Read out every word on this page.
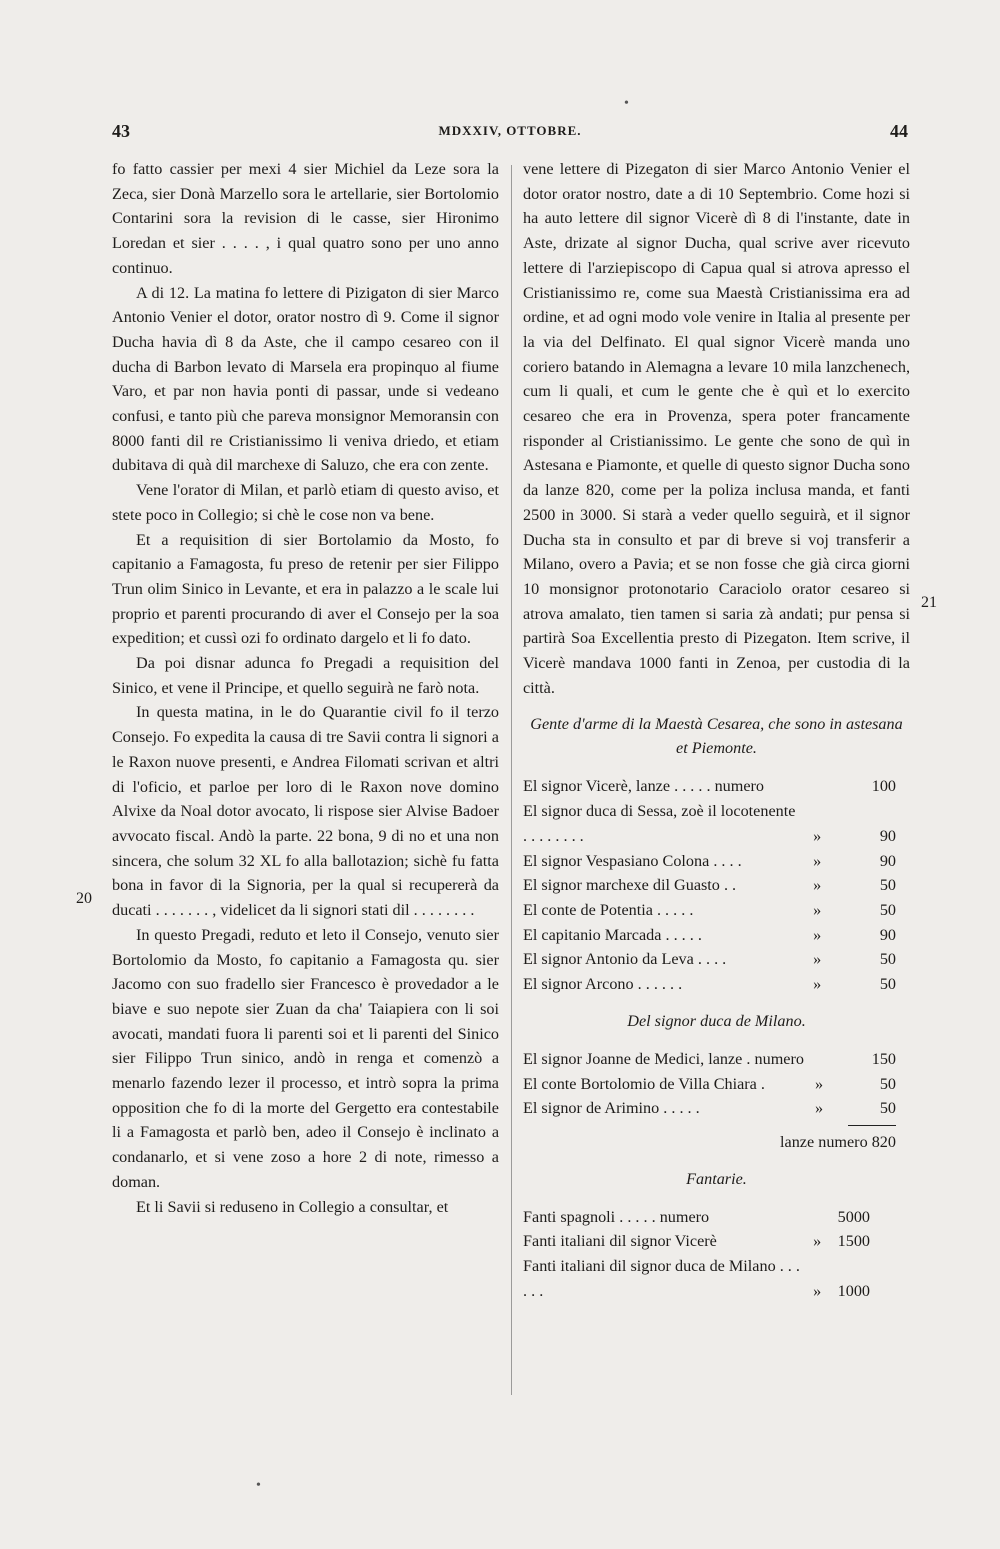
43	MDXXIV, OTTOBRE.	44
20
21

fo fatto cassier per mexi 4 sier Michiel da Leze sora la Zeca, sier Donà Marzello sora le artellarie, sier Bortolomio Contarini sora la revision di le casse, sier Hironimo Loredan et sier . . . . , i qual quatro sono per uno anno continuo.

A di 12. La matina fo lettere di Pizigaton di sier Marco Antonio Venier el dotor, orator nostro dì 9. Come il signor Ducha havia dì 8 da Aste, che il campo cesareo con il ducha di Barbon levato di Marsela era propinquo al fiume Varo, et par non havia ponti di passar, unde si vedeano confusi, e tanto più che pareva monsignor Memoransin con 8000 fanti dil re Cristianissimo li veniva driedo, et etiam dubitava di quà dil marchexe di Saluzo, che era con zente.

Vene l'orator di Milan, et parlò etiam di questo aviso, et stete poco in Collegio; si chè le cose non va bene.

Et a requisition di sier Bortolamio da Mosto, fo capitanio a Famagosta, fu preso de retenir per sier Filippo Trun olim Sinico in Levante, et era in palazzo a le scale lui proprio et parenti procurando di aver el Consejo per la soa expedition; et cussì ozi fo ordinato dargelo et li fo dato.

Da poi disnar adunca fo Pregadi a requisition del Sinico, et vene il Principe, et quello seguirà ne farò nota.

In questa matina, in le do Quarantie civil fo il terzo Consejo. Fo expedita la causa di tre Savii contra li signori a le Raxon nuove presenti, e Andrea Filomati scrivan et altri di l'oficio, et parloe per loro di le Raxon nove domino Alvixe da Noal dotor avocato, li rispose sier Alvise Badoer avvocato fiscal. Andò la parte. 22 bona, 9 di no et una non sincera, che solum 32 XL fo alla ballotazion; sichè fu fatta bona in favor di la Signoria, per la qual si recupererà da ducati . . . . . . . , videlicet da li signori stati dil . . . . . . . .

In questo Pregadi, reduto et leto il Consejo, venuto sier Bortolomio da Mosto, fo capitanio a Famagosta qu. sier Jacomo con suo fradello sier Francesco è provedador a le biave e suo nepote sier Zuan da cha' Taiapiera con li soi avocati, mandati fuora li parenti soi et li parenti del Sinico sier Filippo Trun sinico, andò in renga et comenzò a menarlo fazendo lezer il processo, et intrò sopra la prima opposition che fo di la morte del Gergetto era contestabile li a Famagosta et parlò ben, adeo il Consejo è inclinato a condanarlo, et si vene zoso a hore 2 di note, rimesso a doman.

Et li Savii si reduseno in Collegio a consultar, et

vene lettere di Pizegaton di sier Marco Antonio Venier el dotor orator nostro, date a di 10 Septembrio. Come hozi si ha auto lettere dil signor Vicerè dì 8 di l'instante, date in Aste, drizate al signor Ducha, qual scrive aver ricevuto lettere di l'arziepiscopo di Capua qual si atrova apresso el Cristianissimo re, come sua Maestà Cristianissima era ad ordine, et ad ogni modo vole venire in Italia al presente per la via del Delfinato. El qual signor Vicerè manda uno coriero batando in Alemagna a levare 10 mila lanzchenech, cum li quali, et cum le gente che è quì et lo exercito cesareo che era in Provenza, spera poter francamente risponder al Cristianissimo. Le gente che sono de quì in Astesana e Piamonte, et quelle di questo signor Ducha sono da lanze 820, come per la poliza inclusa manda, et fanti 2500 in 3000. Si starà a veder quello seguirà, et il signor Ducha sta in consulto et par di breve si voj transferir a Milano, overo a Pavia; et se non fosse che già circa giorni 10 monsignor protonotario Caraciolo orator cesareo si atrova amalato, tien tamen si saria zà andati; pur pensa si partirà Soa Excellentia presto di Pizegaton. Item scrive, il Vicerè mandava 1000 fanti in Zenoa, per custodia di la città.

Gente d'arme di la Maestà Cesarea, che sono in astesana et Piemonte.
El signor Vicerè, lanze . . . . . numero		100
El signor duca di Sessa, zoè il locotenente . . . . . . . .	»	90
El signor Vespasiano Colona . . . .	»	90
El signor marchexe dil Guasto . .	»	50
El conte de Potentia . . . . .	»	50
El capitanio Marcada . . . . .	»	90
El signor Antonio da Leva . . . .	»	50
El signor Arcono . . . . . .	»	50
Del signor duca de Milano.
El signor Joanne de Medici, lanze . numero		150
El conte Bortolomio de Villa Chiara .	»	50
El signor de Arimino . . . . .	»	50
lanze numero 820
Fantarie.
Fanti spagnoli . . . . . numero		5000
Fanti italiani dil signor Vicerè	»	1500
Fanti italiani dil signor duca de Milano . . . . . .	»	1000
•
•
